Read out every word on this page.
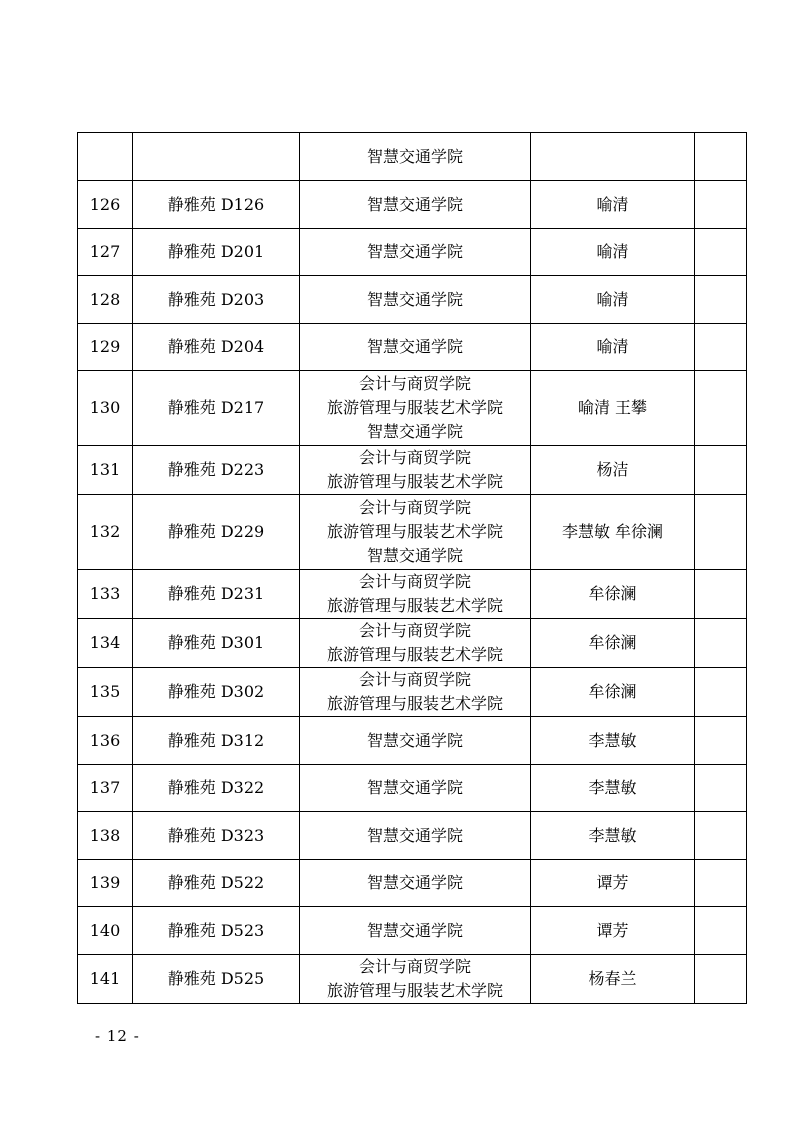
		智慧交通学院		

126	静雅苑 D126	智慧交通学院	喻清	
127	静雅苑 D201	智慧交通学院	喻清	
128	静雅苑 D203	智慧交通学院	喻清	
129	静雅苑 D204	智慧交通学院	喻清	
130	静雅苑 D217	会计与商贸学院
旅游管理与服装艺术学院
智慧交通学院	喻清 王攀	
131	静雅苑 D223	会计与商贸学院
旅游管理与服装艺术学院	杨洁	
132	静雅苑 D229	会计与商贸学院
旅游管理与服装艺术学院
智慧交通学院	李慧敏 牟徐澜	
133	静雅苑 D231	会计与商贸学院
旅游管理与服装艺术学院	牟徐澜	
134	静雅苑 D301	会计与商贸学院
旅游管理与服装艺术学院	牟徐澜	
135	静雅苑 D302	会计与商贸学院
旅游管理与服装艺术学院	牟徐澜	
136	静雅苑 D312	智慧交通学院	李慧敏	
137	静雅苑 D322	智慧交通学院	李慧敏	
138	静雅苑 D323	智慧交通学院	李慧敏	
139	静雅苑 D522	智慧交通学院	谭芳	
140	静雅苑 D523	智慧交通学院	谭芳	
141	静雅苑 D525	会计与商贸学院
旅游管理与服装艺术学院	杨春兰	
- 12 -
